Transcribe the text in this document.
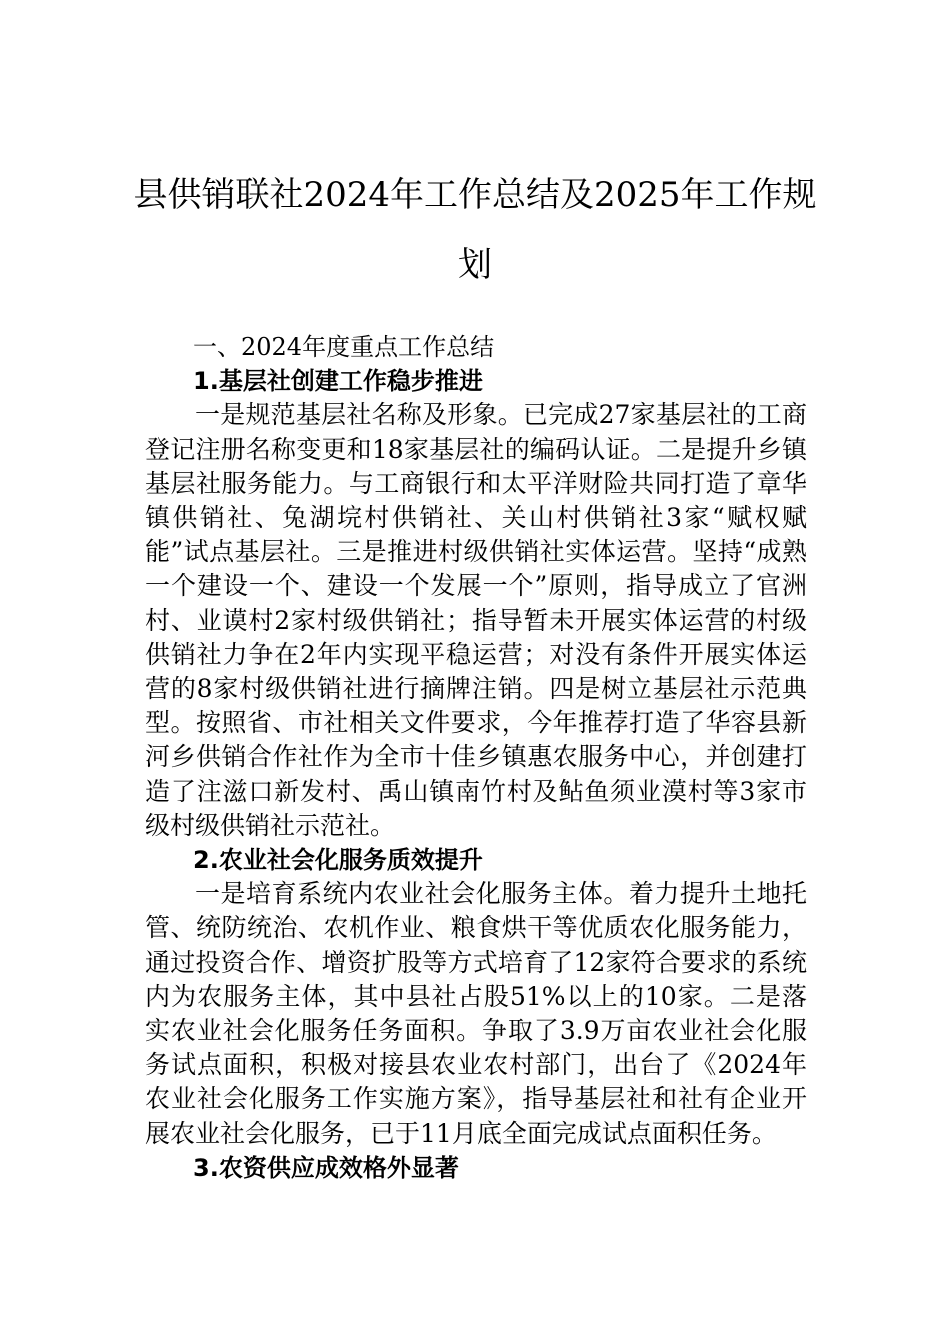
县供销联社2024年工作总结及2025年工作规划

一、2024年度重点工作总结

1.基层社创建工作稳步推进

一是规范基层社名称及形象。已完成27家基层社的工商登记注册名称变更和18家基层社的编码认证。二是提升乡镇基层社服务能力。与工商银行和太平洋财险共同打造了章华镇供销社、兔湖垸村供销社、关山村供销社3家“赋权赋能”试点基层社。三是推进村级供销社实体运营。坚持“成熟一个建设一个、建设一个发展一个”原则，指导成立了官洲村、业谟村2家村级供销社；指导暂未开展实体运营的村级供销社力争在2年内实现平稳运营；对没有条件开展实体运营的8家村级供销社进行摘牌注销。四是树立基层社示范典型。按照省、市社相关文件要求，今年推荐打造了华容县新河乡供销合作社作为全市十佳乡镇惠农服务中心，并创建打造了注滋口新发村、禹山镇南竹村及鲇鱼须业漠村等3家市级村级供销社示范社。

2.农业社会化服务质效提升

一是培育系统内农业社会化服务主体。着力提升土地托管、统防统治、农机作业、粮食烘干等优质农化服务能力，通过投资合作、增资扩股等方式培育了12家符合要求的系统内为农服务主体，其中县社占股51%以上的10家。二是落实农业社会化服务任务面积。争取了3.9万亩农业社会化服务试点面积，积极对接县农业农村部门，出台了《2024年农业社会化服务工作实施方案》，指导基层社和社有企业开展农业社会化服务，已于11月底全面完成试点面积任务。

3.农资供应成效格外显著
